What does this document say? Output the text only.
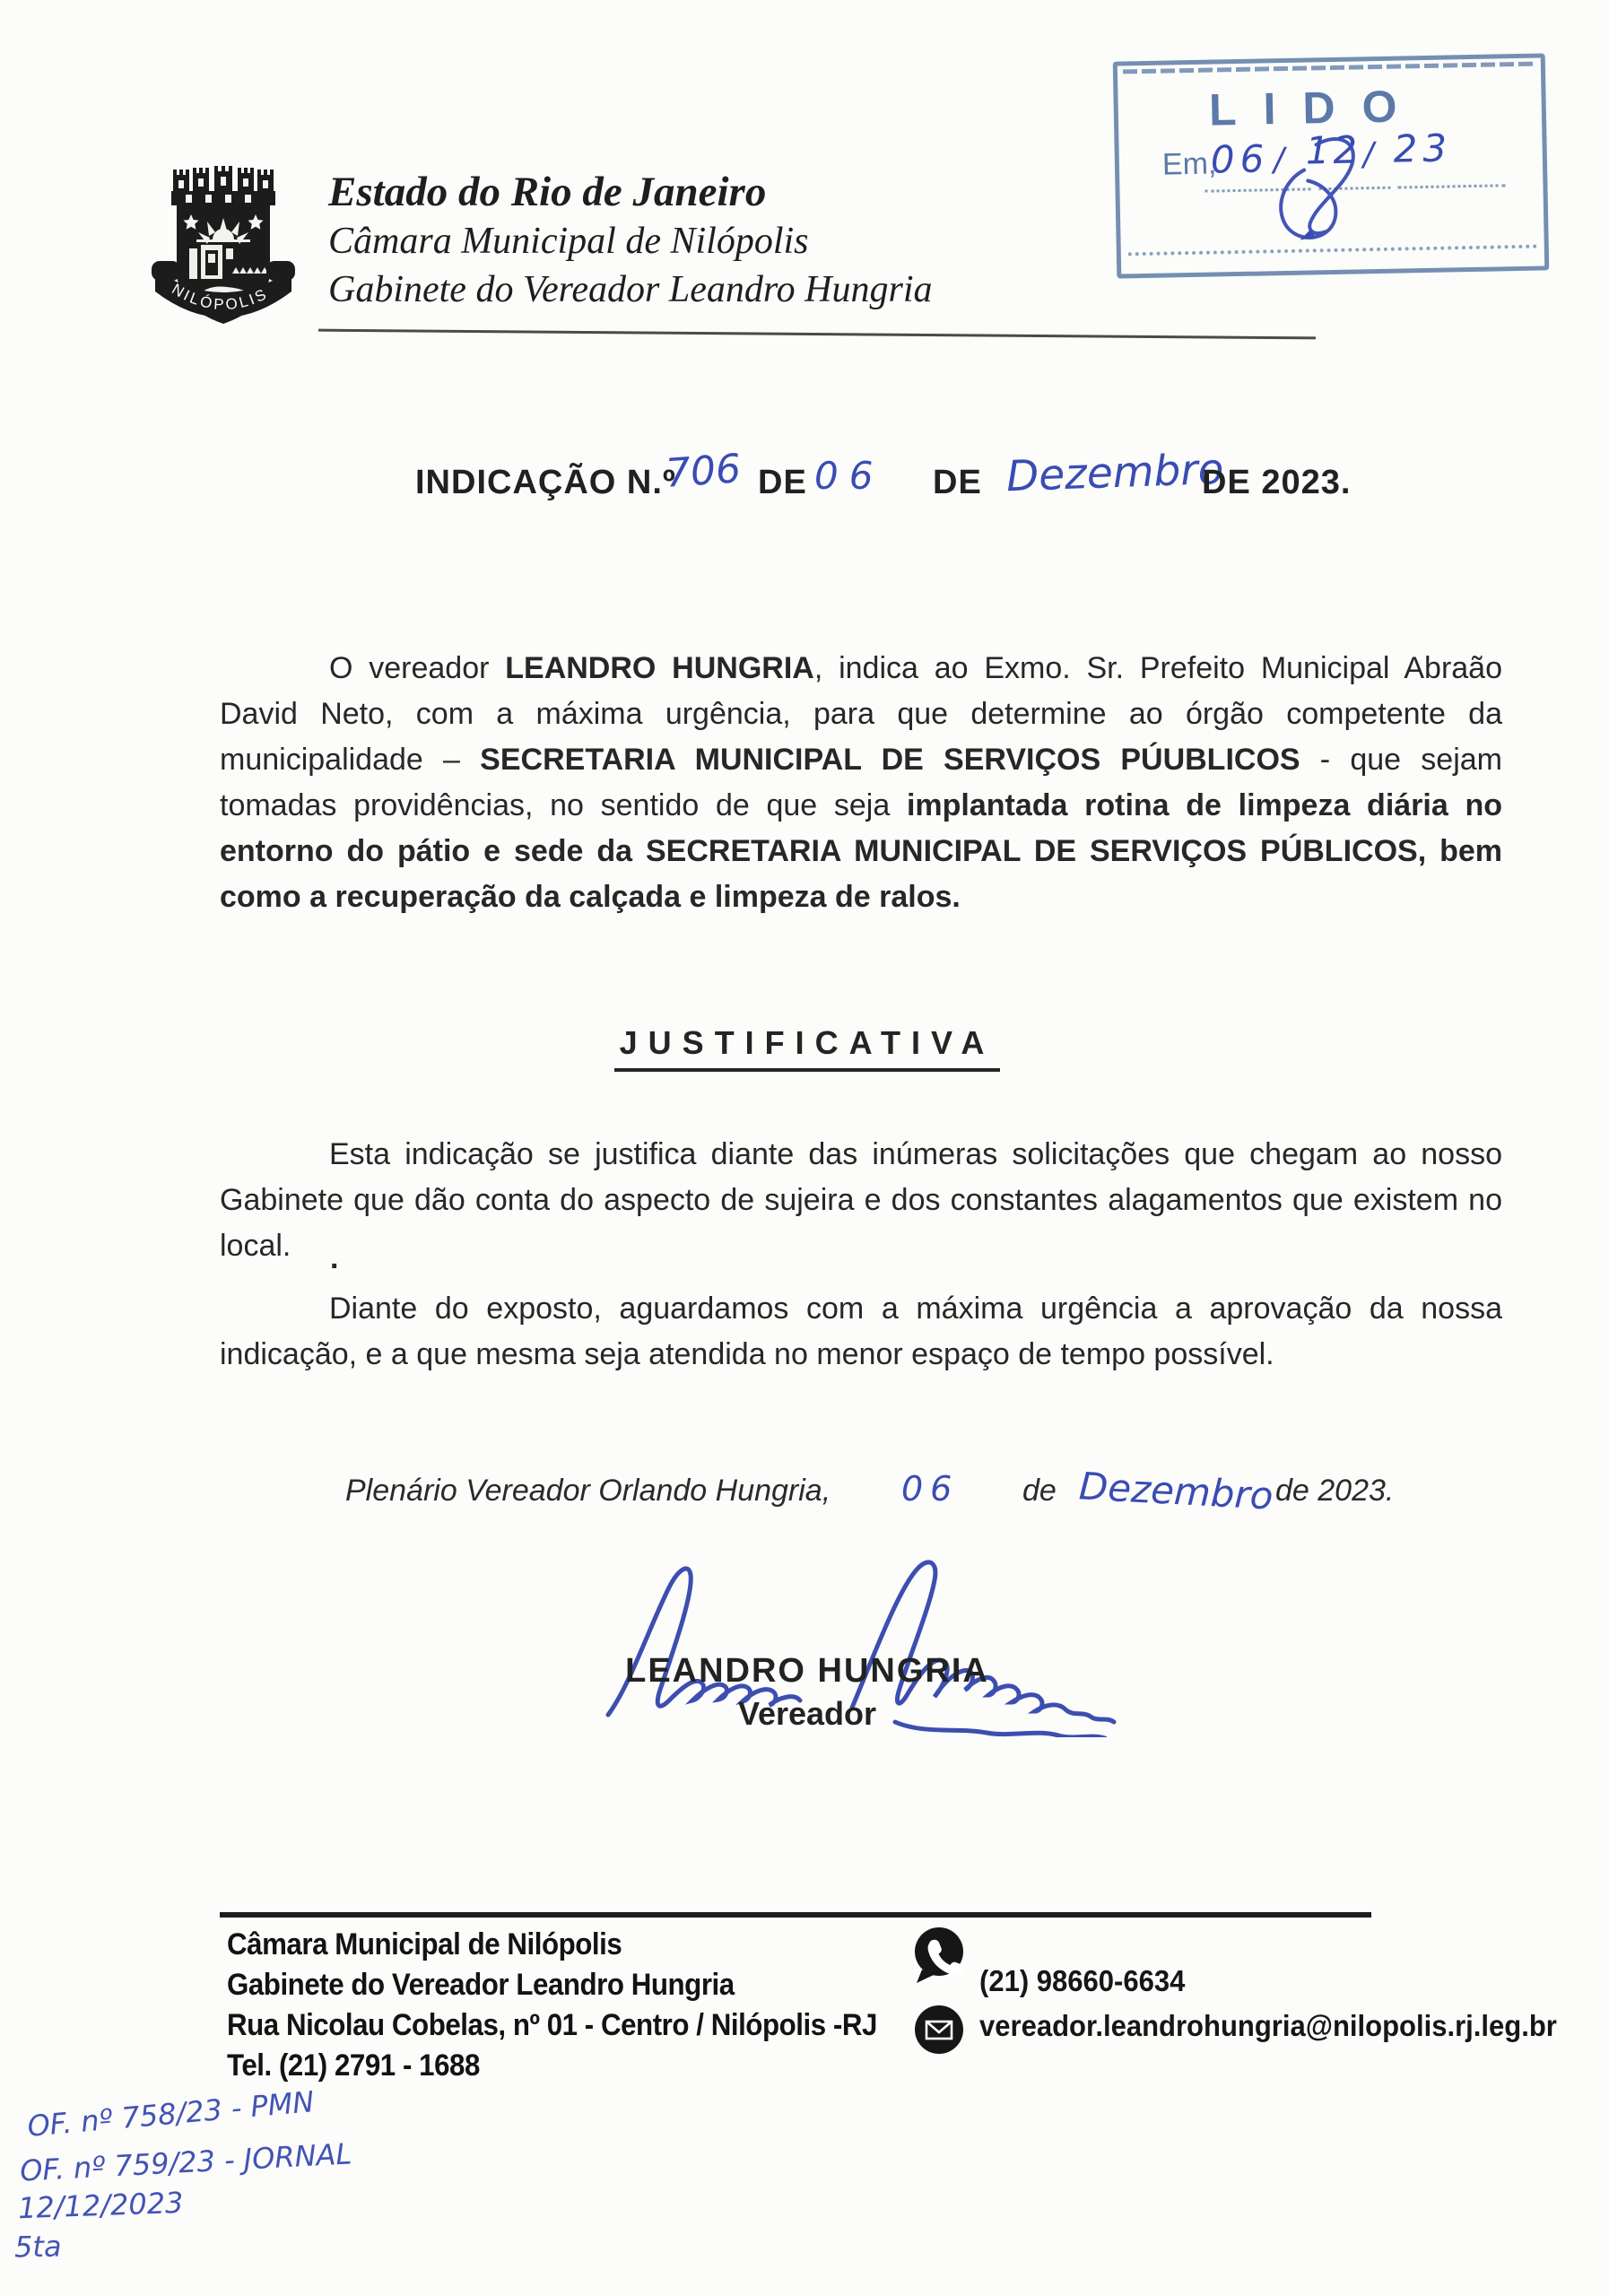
NILÓPOLIS
Estado do Rio de Janeiro
Câmara Municipal de Nilópolis
Gabinete do Vereador Leandro Hungria
LIDO
Em,
06 / 12 / 23
INDICAÇÃO N.º
706 DE 06 DE Dezembro
DE 2023.

O vereador LEANDRO HUNGRIA, indica ao Exmo. Sr. Prefeito Municipal Abraão David Neto, com a máxima urgência, para que determine ao órgão competente da municipalidade – SECRETARIA MUNICIPAL DE SERVIÇOS PÚUBLICOS - que sejam tomadas providências, no sentido de que seja implantada rotina de limpeza diária no entorno do pátio e sede da SECRETARIA MUNICIPAL DE SERVIÇOS PÚBLICOS, bem como a recuperação da calçada e limpeza de ralos.

JUSTIFICATIVA

Esta indicação se justifica diante das inúmeras solicitações que chegam ao nosso Gabinete que dão conta do aspecto de sujeira e dos constantes alagamentos que existem no local.	.

Diante do exposto, aguardamos com a máxima urgência a aprovação da nossa indicação, e a que mesma seja atendida no menor espaço de tempo possível.

Plenário Vereador Orlando Hungria, 06 de Dezembro de 2023.
LEANDRO HUNGRIA
Vereador
Câmara Municipal de Nilópolis
Gabinete do Vereador Leandro Hungria
Rua Nicolau Cobelas, nº 01 - Centro / Nilópolis -RJ
Tel. (21) 2791 - 1688
(21) 98660-6634
vereador.leandrohungria@nilopolis.rj.leg.br
OF. nº 758/23 - PMN
OF. nº 759/23 - JORNAL
12/12/2023
5ta
